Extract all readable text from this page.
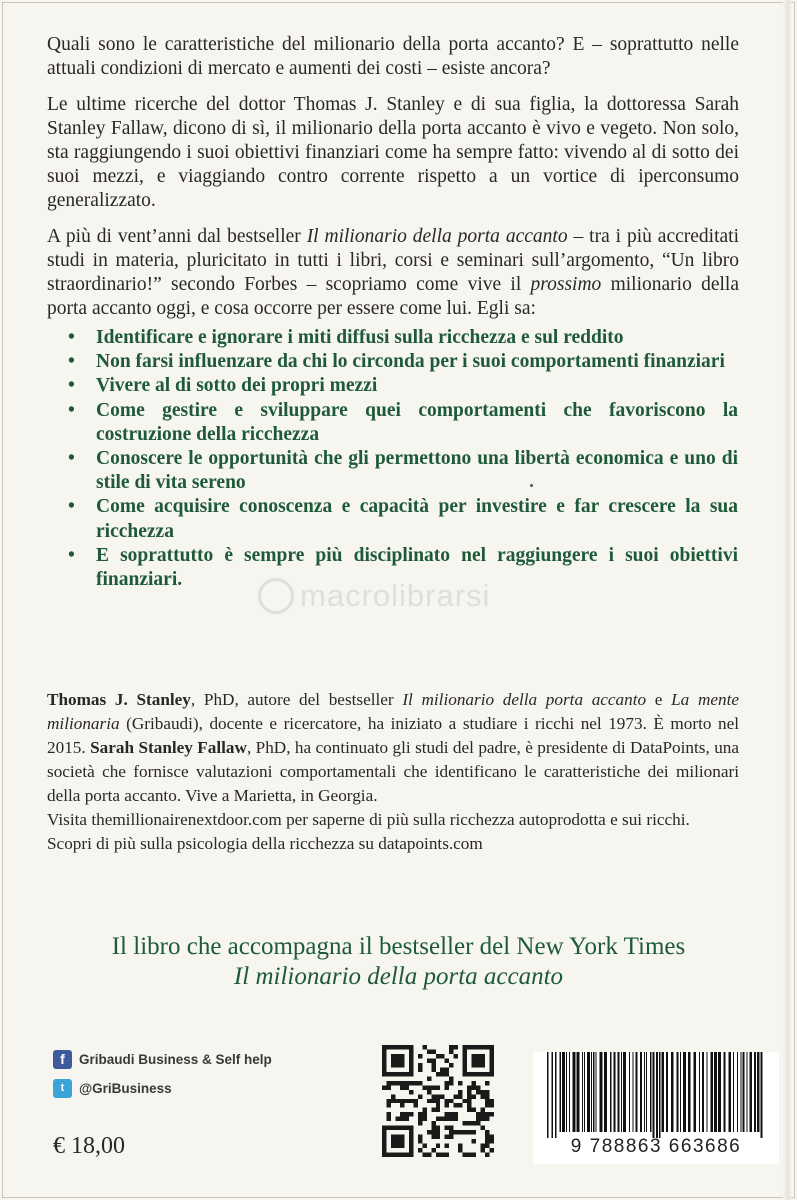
Quali sono le caratteristiche del milionario della porta accanto? E – soprattutto nelle attuali condizioni di mercato e aumenti dei costi – esiste ancora?

Le ultime ricerche del dottor Thomas J. Stanley e di sua figlia, la dottoressa Sarah Stanley Fallaw, dicono di sì, il milionario della porta accanto è vivo e vegeto. Non solo, sta raggiungendo i suoi obiettivi finanziari come ha sempre fatto: vivendo al di sotto dei suoi mezzi, e viaggiando contro corrente rispetto a un vortice di iperconsumo generalizzato.

A più di vent’anni dal bestseller Il milionario della porta accanto – tra i più accreditati studi in materia, pluricitato in tutti i libri, corsi e seminari sull’argomento, “Un libro straordinario!” secondo Forbes – scopriamo come vive il prossimo milionario della porta accanto oggi, e cosa occorre per essere come lui. Egli sa:

• Identificare e ignorare i miti diffusi sulla ricchezza e sul reddito
• Non farsi influenzare da chi lo circonda per i suoi comportamenti finanziari
• Vivere al di sotto dei propri mezzi
• Come gestire e sviluppare quei comportamenti che favoriscono la costruzione della ricchezza
• Conoscere le opportunità che gli permettono una libertà economica e uno di stile di vita sereno
• Come acquisire conoscenza e capacità per investire e far crescere la sua ricchezza
• E soprattutto è sempre più disciplinato nel raggiungere i suoi obiettivi finanziari.	macrolibrarsi

Thomas J. Stanley, PhD, autore del bestseller Il milionario della porta accanto e La mente milionaria (Gribaudi), docente e ricercatore, ha iniziato a studiare i ricchi nel 1973. È morto nel 2015. Sarah Stanley Fallaw, PhD, ha continuato gli studi del padre, è presidente di DataPoints, una società che fornisce valutazioni comportamentali che identificano le caratteristiche dei milionari della porta accanto. Vive a Marietta, in Georgia.

Visita themillionairenextdoor.com per saperne di più sulla ricchezza autoprodotta e sui ricchi.
Scopri di più sulla psicologia della ricchezza su datapoints.com
Il libro che accompagna il bestseller del New York Times
Il milionario della porta accanto
f	Gribaudi Business & Self help
t	@GriBusiness
€ 18,00	9 788863 663686
